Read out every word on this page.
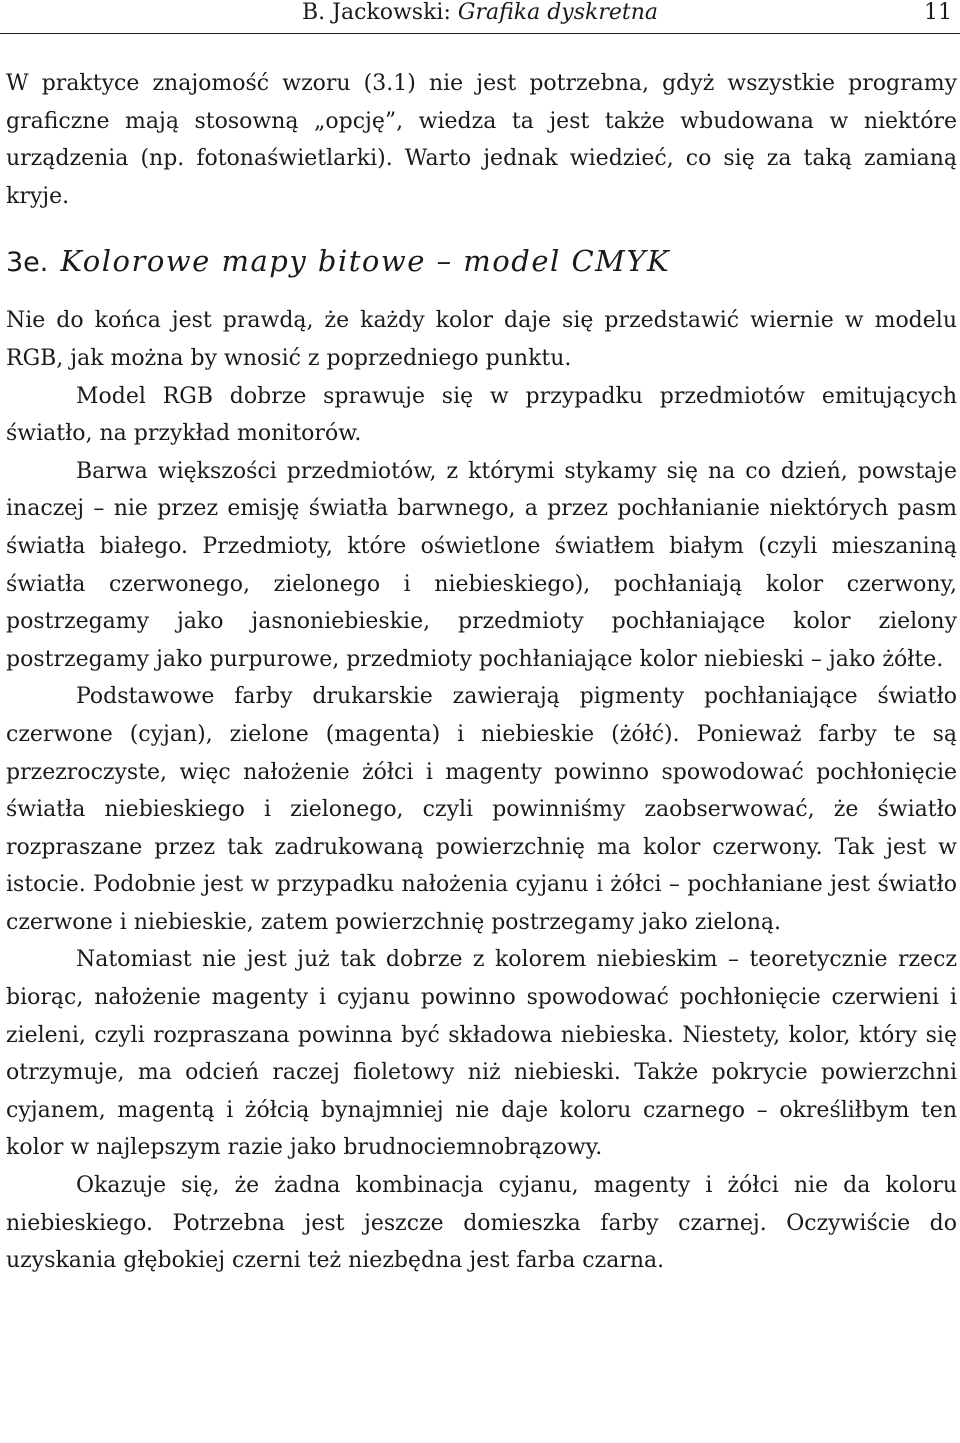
B. Jackowski: Grafika dyskretna	11

W praktyce znajomość wzoru (3.1) nie jest potrzebna, gdyż wszystkie programy graficzne mają stosowną „opcję”, wiedza ta jest także wbudowana w niektóre urządzenia (np. fotonaświetlarki). Warto jednak wiedzieć, co się za taką zamianą kryje.

3e. Kolorowe mapy bitowe – model CMYK

Nie do końca jest prawdą, że każdy kolor daje się przedstawić wiernie w modelu RGB, jak można by wnosić z poprzedniego punktu.

Model RGB dobrze sprawuje się w przypadku przedmiotów emitujących światło, na przykład monitorów.

Barwa większości przedmiotów, z którymi stykamy się na co dzień, powstaje inaczej – nie przez emisję światła barwnego, a przez pochłanianie niektórych pasm światła białego. Przedmioty, które oświetlone światłem białym (czyli mieszaniną światła czerwonego, zielonego i niebieskiego), pochłaniają kolor czerwony, postrzegamy jako jasnoniebieskie, przedmioty pochłaniające kolor zielony postrzegamy jako purpurowe, przedmioty pochłaniające kolor niebieski – jako żółte.

Podstawowe farby drukarskie zawierają pigmenty pochłaniające światło czerwone (cyjan), zielone (magenta) i niebieskie (żółć). Ponieważ farby te są przezroczyste, więc nałożenie żółci i magenty powinno spowodować pochłonięcie światła niebieskiego i zielonego, czyli powinniśmy zaobserwować, że światło rozpraszane przez tak zadrukowaną powierzchnię ma kolor czerwony. Tak jest w istocie. Podobnie jest w przypadku nałożenia cyjanu i żółci – pochłaniane jest światło czerwone i niebieskie, zatem powierzchnię postrzegamy jako zieloną.

Natomiast nie jest już tak dobrze z kolorem niebieskim – teoretycznie rzecz biorąc, nałożenie magenty i cyjanu powinno spowodować pochłonięcie czerwieni i zieleni, czyli rozpraszana powinna być składowa niebieska. Niestety, kolor, który się otrzymuje, ma odcień raczej fioletowy niż niebieski. Także pokrycie powierzchni cyjanem, magentą i żółcią bynajmniej nie daje koloru czarnego – określiłbym ten kolor w najlepszym razie jako brudnociemnobrązowy.

Okazuje się, że żadna kombinacja cyjanu, magenty i żółci nie da koloru niebieskiego. Potrzebna jest jeszcze domieszka farby czarnej. Oczywiście do uzyskania głębokiej czerni też niezbędna jest farba czarna.
